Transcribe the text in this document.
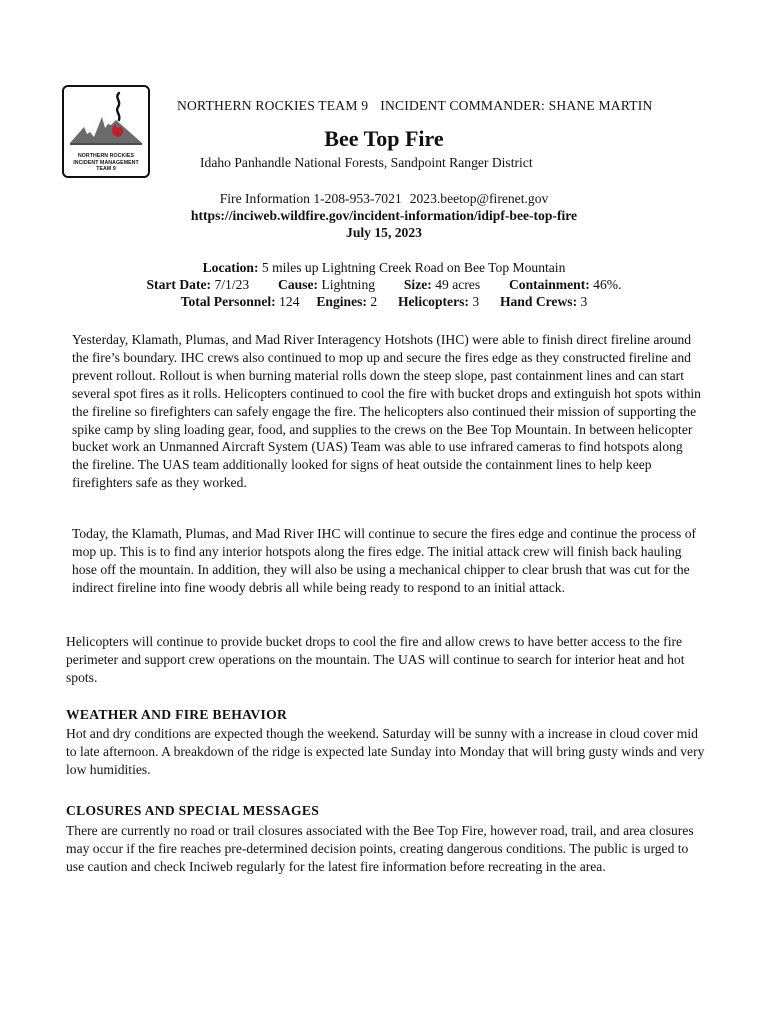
NORTHERN ROCKIES
INCIDENT MANAGEMENT
TEAM 9
NORTHERN ROCKIES TEAM 9 INCIDENT COMMANDER: SHANE MARTIN
Bee Top Fire
Idaho Panhandle National Forests, Sandpoint Ranger District
Fire Information 1-208-953-7021 2023.beetop@firenet.gov
https://inciweb.wildfire.gov/incident-information/idipf-bee-top-fire
July 15, 2023
Location: 5 miles up Lightning Creek Road on Bee Top Mountain
Start Date: 7/1/23 Cause: Lightning Size: 49 acres Containment: 46%.
Total Personnel: 124 Engines: 2 Helicopters: 3 Hand Crews: 3

Yesterday, Klamath, Plumas, and Mad River Interagency Hotshots (IHC) were able to finish direct fireline around the fire’s boundary. IHC crews also continued to mop up and secure the fires edge as they constructed fireline and prevent rollout. Rollout is when burning material rolls down the steep slope, past containment lines and can start several spot fires as it rolls. Helicopters continued to cool the fire with bucket drops and extinguish hot spots within the fireline so firefighters can safely engage the fire. The helicopters also continued their mission of supporting the spike camp by sling loading gear, food, and supplies to the crews on the Bee Top Mountain. In between helicopter bucket work an Unmanned Aircraft System (UAS) Team was able to use infrared cameras to find hotspots along the fireline. The UAS team additionally looked for signs of heat outside the containment lines to help keep firefighters safe as they worked.

Today, the Klamath, Plumas, and Mad River IHC will continue to secure the fires edge and continue the process of mop up. This is to find any interior hotspots along the fires edge. The initial attack crew will finish back hauling hose off the mountain. In addition, they will also be using a mechanical chipper to clear brush that was cut for the indirect fireline into fine woody debris all while being ready to respond to an initial attack.

Helicopters will continue to provide bucket drops to cool the fire and allow crews to have better access to the fire perimeter and support crew operations on the mountain. The UAS will continue to search for interior heat and hot spots.

WEATHER AND FIRE BEHAVIOR

Hot and dry conditions are expected though the weekend. Saturday will be sunny with a increase in cloud cover mid to late afternoon. A breakdown of the ridge is expected late Sunday into Monday that will bring gusty winds and very low humidities.

CLOSURES AND SPECIAL MESSAGES

There are currently no road or trail closures associated with the Bee Top Fire, however road, trail, and area closures may occur if the fire reaches pre-determined decision points, creating dangerous conditions. The public is urged to use caution and check Inciweb regularly for the latest fire information before recreating in the area.
